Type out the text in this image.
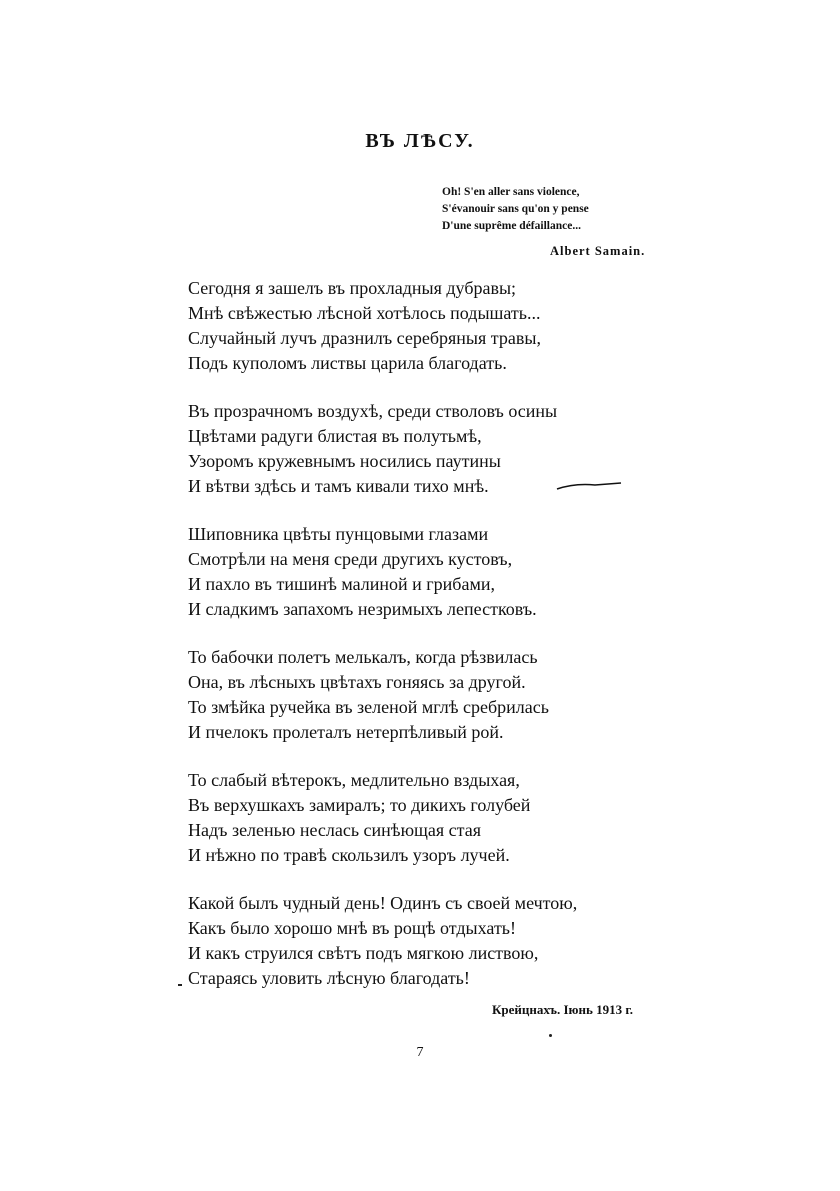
ВЪ ЛѢСУ.
Oh! S'en aller sans violence,
S'évanouir sans qu'on y pense
D'une suprême défaillance...
Albert Samain.
Сегодня я зашелъ въ прохладныя дубравы;
Мнѣ свѣжестью лѣсной хотѣлось подышать...
Случайный лучъ дразнилъ серебряныя травы,
Подъ куполомъ листвы царила благодать.
Въ прозрачномъ воздухѣ, среди стволовъ осины
Цвѣтами радуги блистая въ полутьмѣ,
Узоромъ кружевнымъ носились паутины
И вѣтви здѣсь и тамъ кивали тихо мнѣ.
Шиповника цвѣты пунцовыми глазами
Смотрѣли на меня среди другихъ кустовъ,
И пахло въ тишинѣ малиной и грибами,
И сладкимъ запахомъ незримыхъ лепестковъ.
То бабочки полетъ мелькалъ, когда рѣзвилась
Она, въ лѣсныхъ цвѣтахъ гоняясь за другой.
То змѣйка ручейка въ зеленой мглѣ сребрилась
И пчелокъ пролеталъ нетерпѣливый рой.
То слабый вѣтерокъ, медлительно вздыхая,
Въ верхушкахъ замиралъ; то дикихъ голубей
Надъ зеленью неслась синѣющая стая
И нѣжно по травѣ скользилъ узоръ лучей.
Какой былъ чудный день! Одинъ съ своей мечтою,
Какъ было хорошо мнѣ въ рощѣ отдыхать!
И какъ струился свѣтъ подъ мягкою листвою,
Стараясь уловить лѣсную благодать!
Крейцнахъ. Іюнь 1913 г.
7
